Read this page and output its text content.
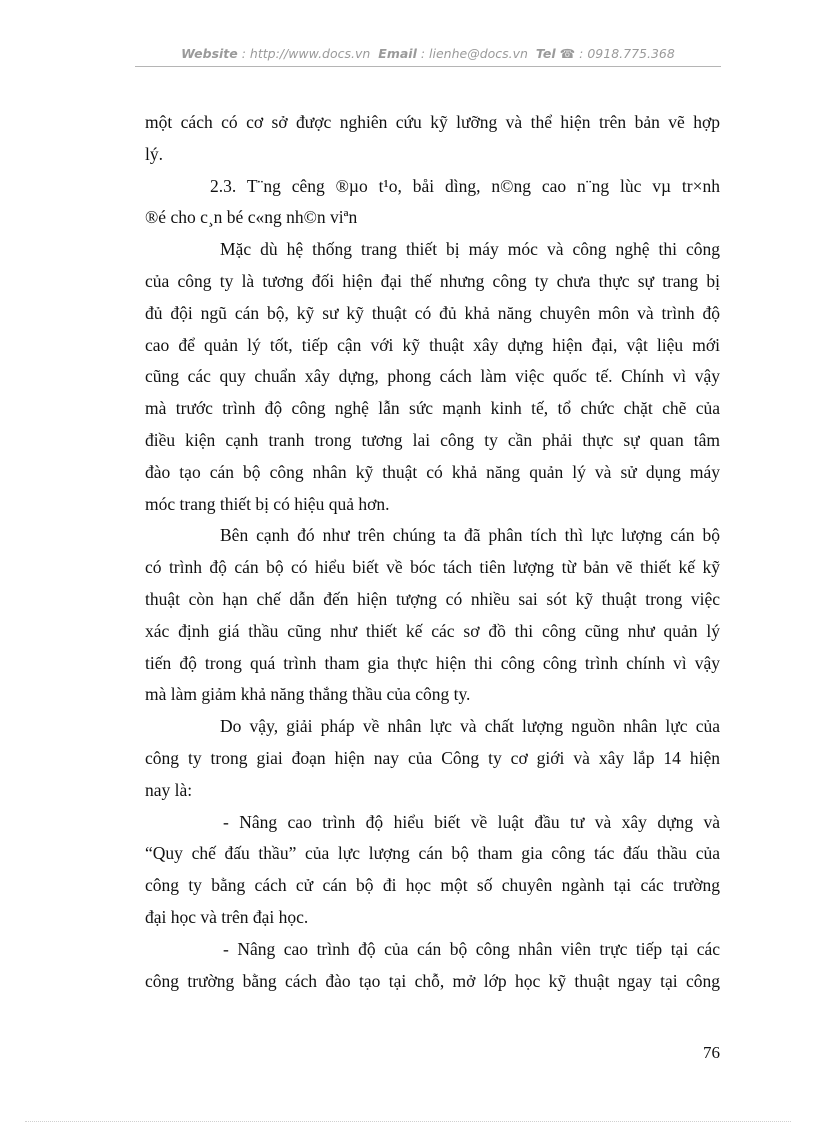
Website : http://www.docs.vn Email : lienhe@docs.vn Tel ☎ : 0918.775.368
một cách có cơ sở được nghiên cứu kỹ lưỡng và thể hiện trên bản vẽ hợp
lý.
2.3. T¨ng cêng ®µo t¹o, båi dìng, n©ng cao n¨ng lùc vµ tr×nh
®é cho c¸n bé c«ng nh©n viªn
Mặc dù hệ thống trang thiết bị máy móc và công nghệ thi công
của công ty là tương đối hiện đại thế nhưng công ty chưa thực sự trang bị
đủ đội ngũ cán bộ, kỹ sư kỹ thuật có đủ khả năng chuyên môn và trình độ
cao để quản lý tốt, tiếp cận với kỹ thuật xây dựng hiện đại, vật liệu mới
cũng các quy chuẩn xây dựng, phong cách làm việc quốc tế. Chính vì vậy
mà trước trình độ công nghệ lẫn sức mạnh kinh tế, tổ chức chặt chẽ của
điều kiện cạnh tranh trong tương lai công ty cần phải thực sự quan tâm
đào tạo cán bộ công nhân kỹ thuật có khả năng quản lý và sử dụng máy
móc trang thiết bị có hiệu quả hơn.
Bên cạnh đó như trên chúng ta đã phân tích thì lực lượng cán bộ
có trình độ cán bộ có hiểu biết về bóc tách tiên lượng từ bản vẽ thiết kế kỹ
thuật còn hạn chế dẫn đến hiện tượng có nhiều sai sót kỹ thuật trong việc
xác định giá thầu cũng như thiết kế các sơ đồ thi công cũng như quản lý
tiến độ trong quá trình tham gia thực hiện thi công công trình chính vì vậy
mà làm giảm khả năng thắng thầu của công ty.
Do vậy, giải pháp về nhân lực và chất lượng nguồn nhân lực của
công ty trong giai đoạn hiện nay của Công ty cơ giới và xây lắp 14 hiện
nay là:
- Nâng cao trình độ hiểu biết về luật đầu tư và xây dựng và
“Quy chế đấu thầu” của lực lượng cán bộ tham gia công tác đấu thầu của
công ty bằng cách cử cán bộ đi học một số chuyên ngành tại các trường
đại học và trên đại học.
- Nâng cao trình độ của cán bộ công nhân viên trực tiếp tại các
công trường bằng cách đào tạo tại chỗ, mở lớp học kỹ thuật ngay tại công
76
